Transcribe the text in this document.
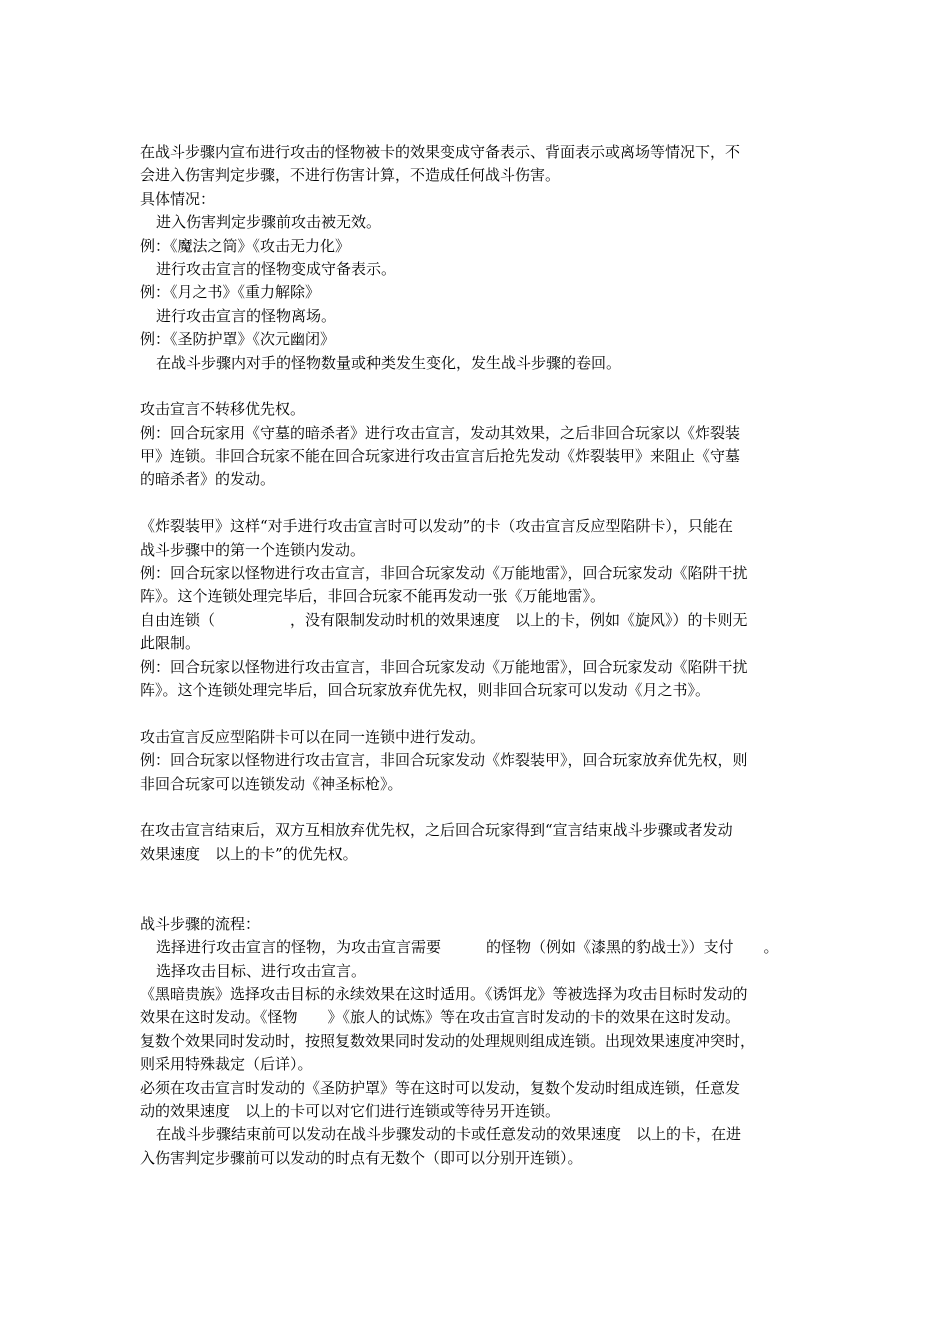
在战斗步骤内宣布进行攻击的怪物被卡的效果变成守备表示、背面表示或离场等情况下，不
会进入伤害判定步骤，不进行伤害计算，不造成任何战斗伤害。
具体情况：
进入伤害判定步骤前攻击被无效。
例：《魔法之筒》《攻击无力化》
进行攻击宣言的怪物变成守备表示。
例：《月之书》《重力解除》
进行攻击宣言的怪物离场。
例：《圣防护罩》《次元幽闭》
在战斗步骤内对手的怪物数量或种类发生变化，发生战斗步骤的卷回。
攻击宣言不转移优先权。
例：回合玩家用《守墓的暗杀者》进行攻击宣言，发动其效果，之后非回合玩家以《炸裂装
甲》连锁。非回合玩家不能在回合玩家进行攻击宣言后抢先发动《炸裂装甲》来阻止《守墓
的暗杀者》的发动。
《炸裂装甲》这样“对手进行攻击宣言时可以发动”的卡（攻击宣言反应型陷阱卡），只能在
战斗步骤中的第一个连锁内发动。
例：回合玩家以怪物进行攻击宣言，非回合玩家发动《万能地雷》，回合玩家发动《陷阱干扰
阵》。这个连锁处理完毕后，非回合玩家不能再发动一张《万能地雷》。
自由连锁（　　　　　，没有限制发动时机的效果速度　以上的卡，例如《旋风》）的卡则无
此限制。
例：回合玩家以怪物进行攻击宣言，非回合玩家发动《万能地雷》，回合玩家发动《陷阱干扰
阵》。这个连锁处理完毕后，回合玩家放弃优先权，则非回合玩家可以发动《月之书》。
攻击宣言反应型陷阱卡可以在同一连锁中进行发动。
例：回合玩家以怪物进行攻击宣言，非回合玩家发动《炸裂装甲》，回合玩家放弃优先权，则
非回合玩家可以连锁发动《神圣标枪》。
在攻击宣言结束后，双方互相放弃优先权，之后回合玩家得到“宣言结束战斗步骤或者发动
效果速度　以上的卡”的优先权。
战斗步骤的流程：
选择进行攻击宣言的怪物，为攻击宣言需要　　　的怪物（例如《漆黑的豹战士》）支付　　。
选择攻击目标、进行攻击宣言。
《黑暗贵族》选择攻击目标的永续效果在这时适用。《诱饵龙》等被选择为攻击目标时发动的
效果在这时发动。《怪物　　》《旅人的试炼》等在攻击宣言时发动的卡的效果在这时发动。
复数个效果同时发动时，按照复数效果同时发动的处理规则组成连锁。出现效果速度冲突时，
则采用特殊裁定（后详）。
必须在攻击宣言时发动的《圣防护罩》等在这时可以发动，复数个发动时组成连锁，任意发
动的效果速度　以上的卡可以对它们进行连锁或等待另开连锁。
在战斗步骤结束前可以发动在战斗步骤发动的卡或任意发动的效果速度　以上的卡，在进
入伤害判定步骤前可以发动的时点有无数个（即可以分别开连锁）。
